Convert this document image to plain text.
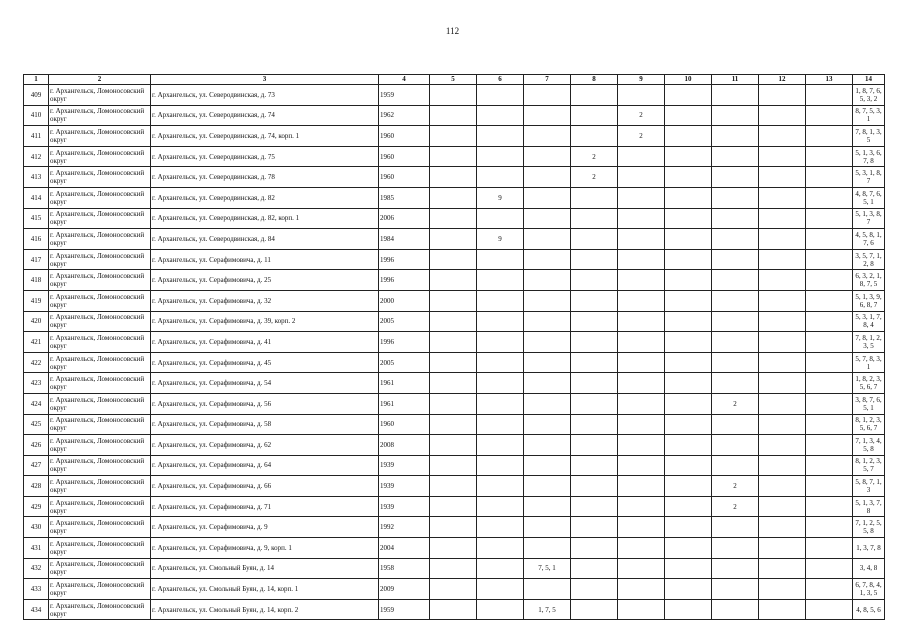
112
1	2	3	4	5	6	7	8	9	10	11	12	13	14
409	г. Архангельск, Ломоносовский округ	г. Архангельск, ул. Северодвинская, д. 73	1959										1, 8, 7, 6, 5, 3, 2
410	г. Архангельск, Ломоносовский округ	г. Архангельск, ул. Северодвинская, д. 74	1962					2					8, 7, 5, 3, 1
411	г. Архангельск, Ломоносовский округ	г. Архангельск, ул. Северодвинская, д. 74, корп. 1	1960					2					7, 8, 1, 3, 5
412	г. Архангельск, Ломоносовский округ	г. Архангельск, ул. Северодвинская, д. 75	1960				2						5, 1, 3, 6, 7, 8
413	г. Архангельск, Ломоносовский округ	г. Архангельск, ул. Северодвинская, д. 78	1960				2						5, 3, 1, 8, 7
414	г. Архангельск, Ломоносовский округ	г. Архангельск, ул. Северодвинская, д. 82	1985		9								4, 8, 7, 6, 5, 1
415	г. Архангельск, Ломоносовский округ	г. Архангельск, ул. Северодвинская, д. 82, корп. 1	2006										5, 1, 3, 8, 7
416	г. Архангельск, Ломоносовский округ	г. Архангельск, ул. Северодвинская, д. 84	1984		9								4, 5, 8, 1, 7, 6
417	г. Архангельск, Ломоносовский округ	г. Архангельск, ул. Серафимовича, д. 11	1996										3, 5, 7, 1, 2, 8
418	г. Архангельск, Ломоносовский округ	г. Архангельск, ул. Серафимовича, д. 25	1996										6, 3, 2, 1, 8, 7, 5
419	г. Архангельск, Ломоносовский округ	г. Архангельск, ул. Серафимовича, д. 32	2000										5, 1, 3, 9, 6, 8, 7
420	г. Архангельск, Ломоносовский округ	г. Архангельск, ул. Серафимовича, д. 39, корп. 2	2005										5, 3, 1, 7, 8, 4
421	г. Архангельск, Ломоносовский округ	г. Архангельск, ул. Серафимовича, д. 41	1996										7, 8, 1, 2, 3, 5
422	г. Архангельск, Ломоносовский округ	г. Архангельск, ул. Серафимовича, д. 45	2005										5, 7, 8, 3, 1
423	г. Архангельск, Ломоносовский округ	г. Архангельск, ул. Серафимовича, д. 54	1961										1, 8, 2, 3, 5, 6, 7
424	г. Архангельск, Ломоносовский округ	г. Архангельск, ул. Серафимовича, д. 56	1961							2			3, 8, 7, 6, 5, 1
425	г. Архангельск, Ломоносовский округ	г. Архангельск, ул. Серафимовича, д. 58	1960										8, 1, 2, 3, 5, 6, 7
426	г. Архангельск, Ломоносовский округ	г. Архангельск, ул. Серафимовича, д. 62	2008										7, 1, 3, 4, 5, 8
427	г. Архангельск, Ломоносовский округ	г. Архангельск, ул. Серафимовича, д. 64	1939										8, 1, 2, 3, 5, 7
428	г. Архангельск, Ломоносовский округ	г. Архангельск, ул. Серафимовича, д. 66	1939							2			5, 8, 7, 1, 3
429	г. Архангельск, Ломоносовский округ	г. Архангельск, ул. Серафимовича, д. 71	1939							2			5, 1, 3, 7, 8
430	г. Архангельск, Ломоносовский округ	г. Архангельск, ул. Серафимовича, д. 9	1992										7, 1, 2, 5, 5, 8
431	г. Архангельск, Ломоносовский округ	г. Архангельск, ул. Серафимовича, д. 9, корп. 1	2004										1, 3, 7, 8
432	г. Архангельск, Ломоносовский округ	г. Архангельск, ул. Смольный Буян, д. 14	1958			7, 5, 1							3, 4, 8
433	г. Архангельск, Ломоносовский округ	г. Архангельск, ул. Смольный Буян, д. 14, корп. 1	2009										6, 7, 8, 4, 1, 3, 5
434	г. Архангельск, Ломоносовский округ	г. Архангельск, ул. Смольный Буян, д. 14, корп. 2	1959			1, 7, 5							4, 8, 5, 6
